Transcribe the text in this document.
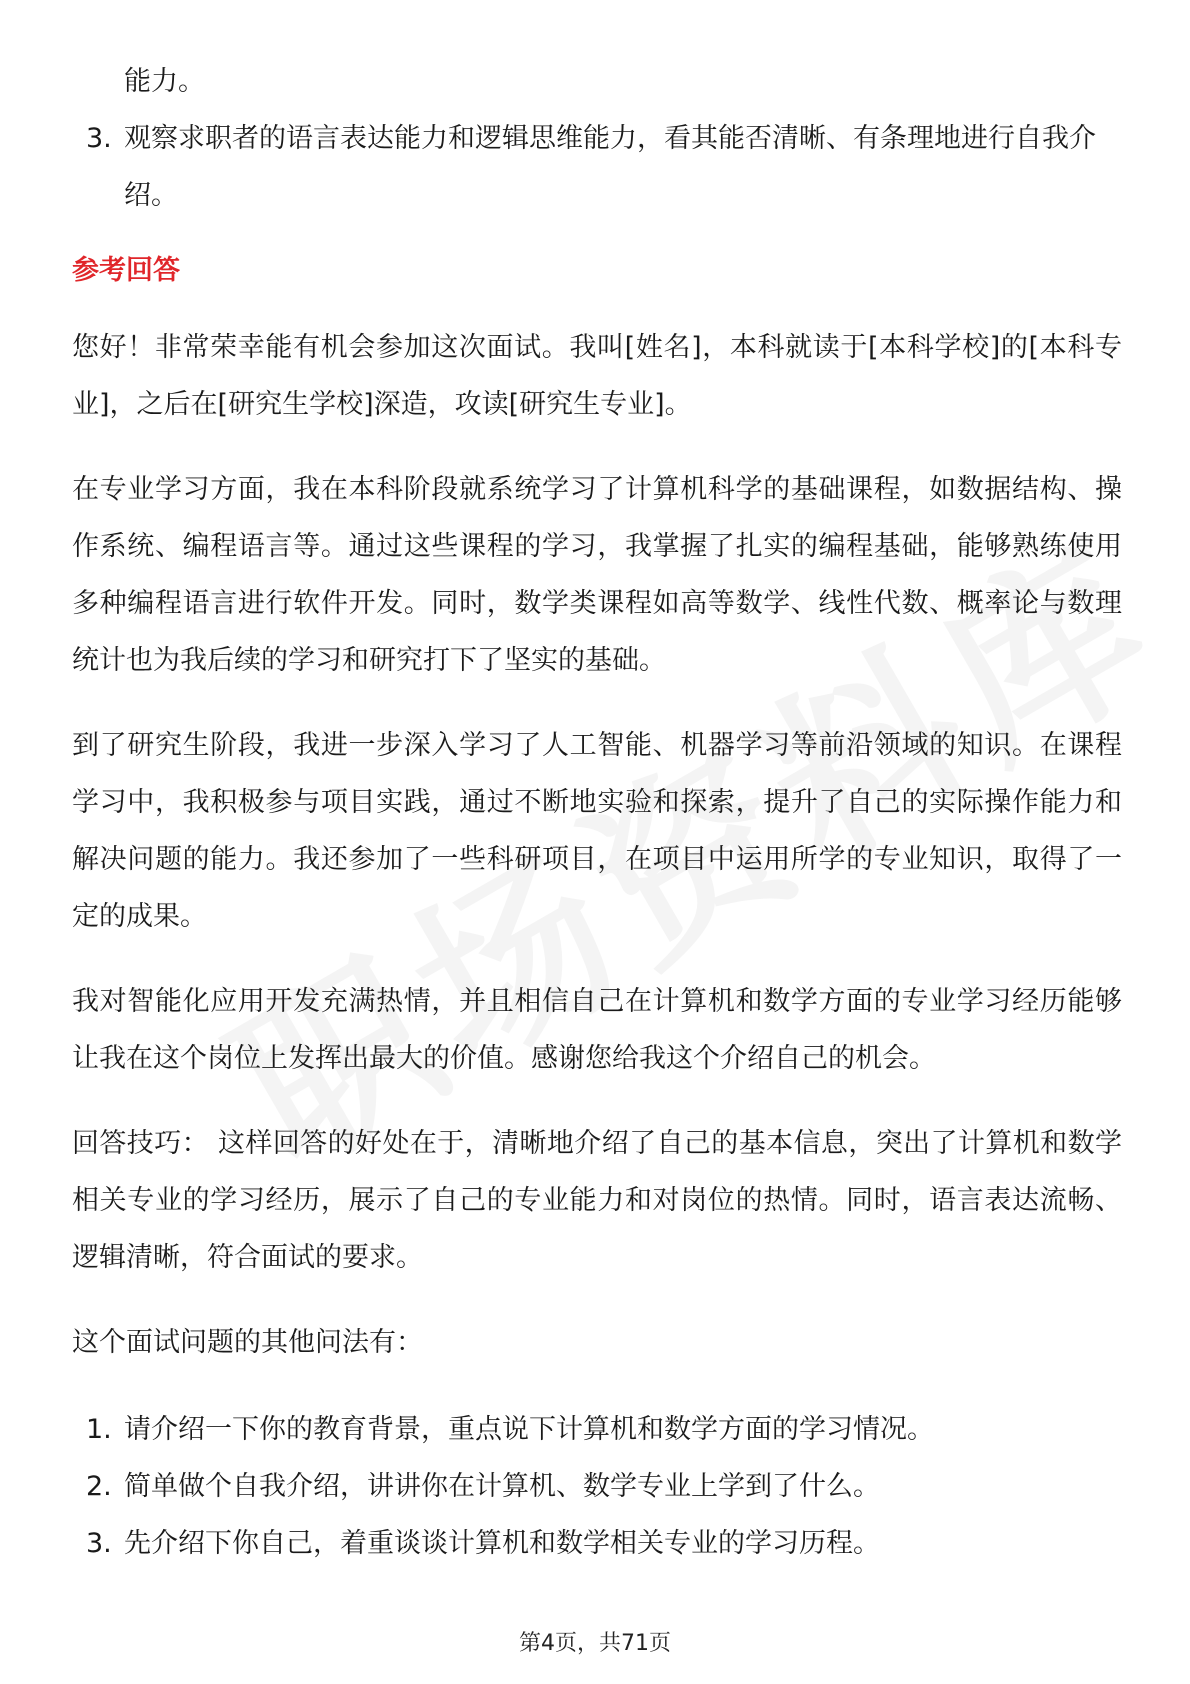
能力。
3. 观察求职者的语言表达能力和逻辑思维能力，看其能否清晰、有条理地进行自我介绍。
参考回答

您好！非常荣幸能有机会参加这次面试。我叫[姓名]，本科就读于[本科学校]的[本科专业]，之后在[研究生学校]深造，攻读[研究生专业]。

在专业学习方面，我在本科阶段就系统学习了计算机科学的基础课程，如数据结构、操作系统、编程语言等。通过这些课程的学习，我掌握了扎实的编程基础，能够熟练使用多种编程语言进行软件开发。同时，数学类课程如高等数学、线性代数、概率论与数理统计也为我后续的学习和研究打下了坚实的基础。

到了研究生阶段，我进一步深入学习了人工智能、机器学习等前沿领域的知识。在课程学习中，我积极参与项目实践，通过不断地实验和探索，提升了自己的实际操作能力和解决问题的能力。我还参加了一些科研项目，在项目中运用所学的专业知识，取得了一定的成果。

我对智能化应用开发充满热情，并且相信自己在计算机和数学方面的专业学习经历能够让我在这个岗位上发挥出最大的价值。感谢您给我这个介绍自己的机会。

回答技巧： 这样回答的好处在于，清晰地介绍了自己的基本信息，突出了计算机和数学相关专业的学习经历，展示了自己的专业能力和对岗位的热情。同时，语言表达流畅、逻辑清晰，符合面试的要求。

这个面试问题的其他问法有：

1. 请介绍一下你的教育背景，重点说下计算机和数学方面的学习情况。
2. 简单做个自我介绍，讲讲你在计算机、数学专业上学到了什么。
3. 先介绍下你自己，着重谈谈计算机和数学相关专业的学习历程。
第4页，共71页
